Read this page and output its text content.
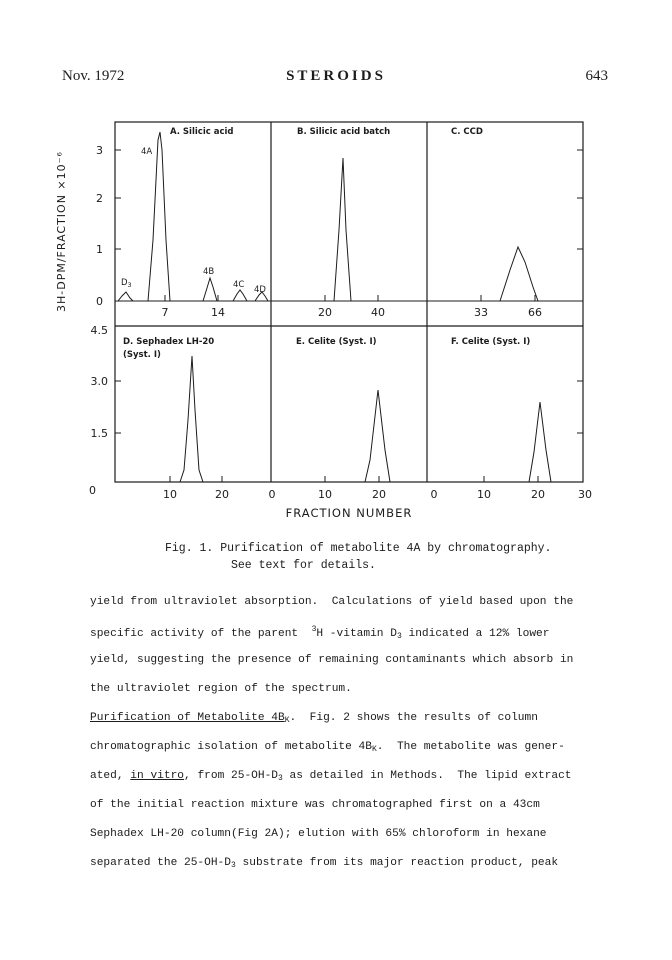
Nov. 1972	STEROIDS	643
3H-DPM/FRACTION ×10⁻⁶
3
2
1
0
4.5
3.0
1.5
0
A. Silicic acid	B. Silicic acid batch	C. CCD
D. Sephadex LH-20
(Syst. I)
E. Celite (Syst. I)	F. Celite (Syst. I)
7	14	20	40	33	66
10	20	0	10	20	0	10	20	30
FRACTION NUMBER
$D_3$
4A
4B
4C 4D
Fig. 1. Purification of metabolite 4A by chromatography.
See text for details.
yield from ultraviolet absorption.  Calculations of yield based upon the
specific activity of the parent  $^3$H -vitamin $D_3$ indicated a 12% lower
yield, suggesting the presence of remaining contaminants which absorb in
the ultraviolet region of the spectrum.
Purification of Metabolite $4B_K$.  Fig. 2 shows the results of column
chromatographic isolation of metabolite $4B_K$.  The metabolite was gener-
ated, in vitro, from $25-OH-D_3$ as detailed in Methods.  The lipid extract
of the initial reaction mixture was chromatographed first on a 43cm
Sephadex LH-20 column(Fig 2A); elution with 65% chloroform in hexane
separated the $25-OH-D_3$ substrate from its major reaction product, peak
